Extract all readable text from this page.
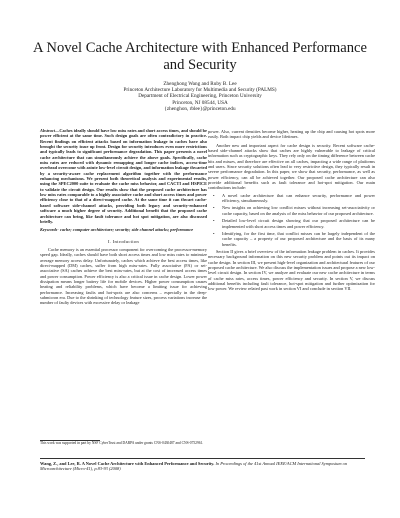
A Novel Cache Architecture with Enhanced Performance and Security
Zhenghong Wang and Ruby B. Lee
Princeton Architecture Laboratory for Multimedia and Security (PALMS)
Department of Electrical Engineering, Princeton University
Princeton, NJ 08544, USA
{zhenghon, rblee}@princeton.edu

Abstract—Caches ideally should have low miss rates and short access times, and should be power efficient at the same time. Such design goals are often contradictory in practice. Recent findings on efficient attacks based on information leakage in caches have also brought the security issue up front. Design for security introduces even more restrictions and typically leads to significant performance degradation. This paper presents a novel cache architecture that can simultaneously achieve the above goals. Specifically, cache miss rates are reduced with dynamic remapping and longer cache indices, access-time overhead overcome with astute low-level circuit design, and information leakage thwarted by a security-aware cache replacement algorithm together with the performance enhancing mechanisms. We present both theoretical analysis and experimental results, using the SPEC2000 suite to evaluate the cache miss behavior, and CACTI and HSPICE to validate the circuit design. Our results show that the proposed cache architecture has low miss rates comparable to a highly associative cache and short access times and power efficiency close to that of a direct-mapped cache. At the same time it can thwart cache-based software side-channel attacks, providing both legacy and security-enhanced software a much higher degree of security. Additional benefit that the proposed cache architecture can bring, like fault tolerance and hot spot mitigation, are also discussed briefly.

Keywords- cache; computer architecture; security; side channel attacks; performance

I. Introduction

Cache memory is an essential processor component for overcoming the processor-memory speed gap. Ideally, caches should have both short access times and low miss rates to minimize average memory access delay. Unfortunately, caches which achieve the best access times, like direct-mapped (DM) caches, suffer from high miss-rates. Fully associative (FA) or set-associative (SA) caches achieve the best miss-rates, but at the cost of increased access times and power consumption. Power efficiency is also a critical issue in cache design. Lower power dissipation means longer battery life for mobile devices. Higher power consumption causes heating and reliability problems, which have become a limiting issue for achieving performance. Increasing faults and hot-spots are also concerns – especially in the deep-submicron era. Due to the shrinking of technology feature sizes, process variations increase the number of faulty devices with excessive delay or leakage

power. Also, current densities become higher, heating up the chip and causing hot spots more easily. Both impact chip yields and device lifetimes.

Another new and important aspect for cache design is security. Recent software cache-based side-channel attacks show that caches are highly vulnerable to leakage of critical information such as cryptographic keys. They rely only on the timing difference between cache hits and misses, and therefore are effective on all caches, impacting a wide range of platforms and users. Since security solutions often lead to very restrictive design, they typically result in severe performance degradation. In this paper, we show that security, performance, as well as power efficiency, can all be achieved together. Our proposed cache architecture can also provide additional benefits such as fault tolerance and hot-spot mitigation. Our main contributions include:

• A novel cache architecture that can enhance security, performance and power efficiency, simultaneously.
• New insights on achieving low conflict misses without increasing set-associativity or cache capacity, based on the analysis of the miss behavior of our proposed architecture.
• Detailed low-level circuit design showing that our proposed architecture can be implemented with short access times and power efficiency.
• Identifying, for the first time, that conflict misses can be largely independent of the cache capacity – a property of our proposed architecture and the basis of its many benefits.

Section II gives a brief overview of the information leakage problem in caches. It provides necessary background information on this new security problem and points out its impact on cache design. In section III, we present high-level organization and architectural features of our proposed cache architecture. We also discuss the implementation issues and propose a new low-level circuit design. In section IV, we analyze and evaluate our new cache architecture in terms of cache miss rates, access times, power efficiency and security. In section V, we discuss additional benefits including fault tolerance, hot-spot mitigation and further optimization for low power. We review related past work in section VI and conclude in section VII.

This work was supported in part by NSF CyberTrust and DARPA under grants CNS-0430487 and CNS-0752961.
Wang, Z., and Lee, R. A Novel Cache Architecture with Enhanced Performance and Security. In Proceedings of the 41st Annual IEEE/ACM International Symposium on Microarchitecture (Micro-41), p.83-93 (2008)
